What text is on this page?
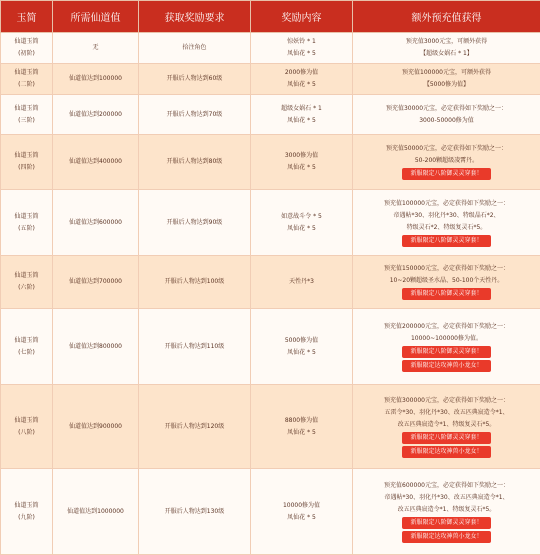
玉简	所需仙道值	获取奖励要求	奖励内容	额外预充值获得

仙道玉简
(初阶)	无	拾注角色	惊妖铃 * 1
凤仙花 * 5	预充值3000元宝，可额外获得
【超级女娲石 * 1】

仙道玉简
(二阶)	仙道值达到100000	开服后人物达到60级	2000修为值
凤仙花 * 5	预充值100000元宝，可额外获得
【5000修为值】

仙道玉简
(三阶)	仙道值达到200000	开服后人物达到70级	超级女娲石 * 1
凤仙花 * 5	预充值30000元宝，必定获得如下奖励之一：
3000-50000修为值

仙道玉简
(四阶)	仙道值达到400000	开服后人物达到80级	3000修为值
凤仙花 * 5	预充值50000元宝，必定获得如下奖励之一：
50-200颗超级凌霄丹。
新服限定八阶御灵灵穿套！

仙道玉简
(五阶)	仙道值达到600000	开服后人物达到90级	如意战斗令 * 5
凤仙花 * 5	预充值100000元宝，必定获得如下奖励之一：
帝遇帖*30、羽化丹*30、特级晶石*2、
特级灵石*2、特级复灵石*5。
新服限定八阶御灵灵穿套！

仙道玉简
(六阶)	仙道值达到700000	开服后人物达到100级	天性丹*3	预充值150000元宝，必定获得如下奖励之一：
10~20颗超级圣水晶、50-100个天性丹。
新服限定八阶御灵灵穿套！

仙道玉简
(七阶)	仙道值达到800000	开服后人物达到110级	5000修为值
凤仙花 * 5	预充值200000元宝，必定获得如下奖励之一：
10000~100000修为值。
新服限定八阶御灵灵穿套！
新服限定达攻神兽小龙女！

仙道玉简
(八阶)	仙道值达到900000	开服后人物达到120级	8800修为值
凤仙花 * 5	预充值300000元宝，必定获得如下奖励之一：
五雷令*30、羽化丹*30、改五匹典宸造令*1、
改五匹典宸造令*1、特级复灵石*5。
新服限定八阶御灵灵穿套！
新服限定达攻神兽小龙女！

仙道玉简
(九阶)	仙道值达到1000000	开服后人物达到130级	10000修为值
凤仙花 * 5	预充值600000元宝，必定获得如下奖励之一：
帝遇帖*30、羽化丹*30、改五匹典宸造令*1、
改五匹典宸造令*1、特级复灵石*5。
新服限定八阶御灵灵穿套！
新服限定达攻神兽小龙女！
